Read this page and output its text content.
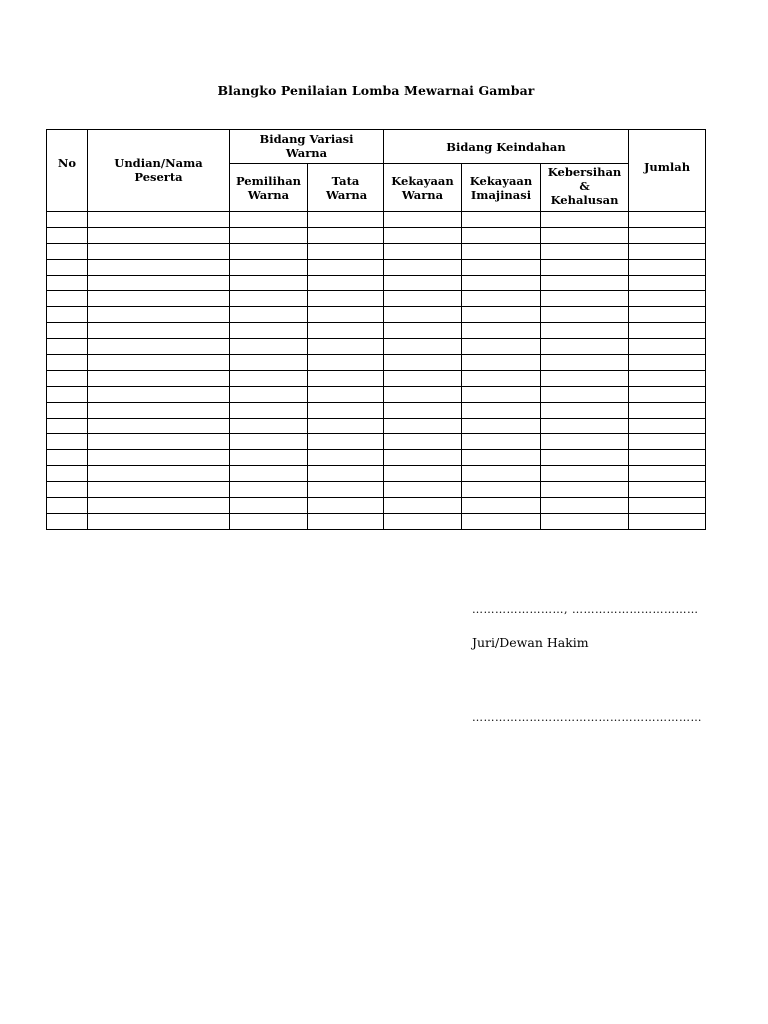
Blangko Penilaian Lomba Mewarnai Gambar
No	Undian/Nama Peserta	Bidang Variasi Warna		Bidang Keindahan			Jumlah
		Pemilihan Warna	Tata Warna	Kekayaan Warna	Kekayaan Imajinasi	Kebersihan
&
Kehalusan	

……………………, ……………………………
Juri/Dewan Hakim
……………………………………………………
